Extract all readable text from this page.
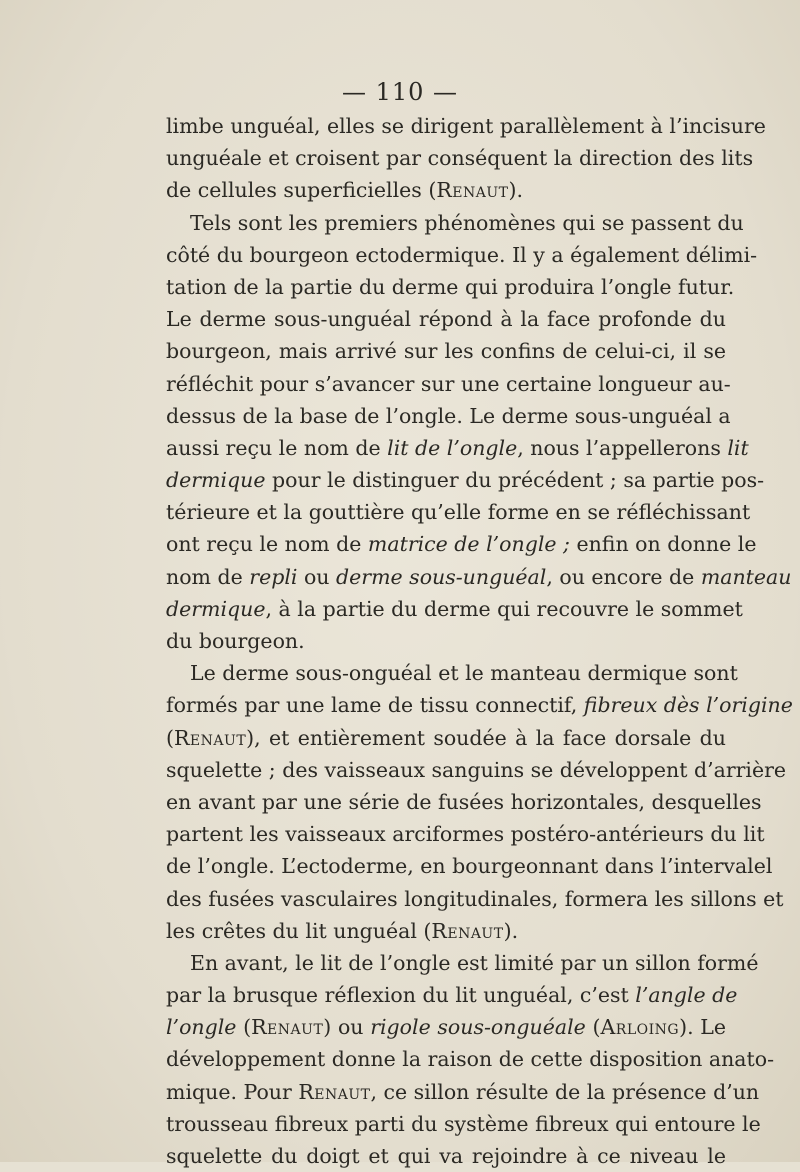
— 110 —
limbe unguéal, elles se dirigent parallèlement à l’incisure
unguéale et croisent par conséquent la direction des lits
de cellules superficielles (Renaut).
Tels sont les premiers phénomènes qui se passent du
côté du bourgeon ectodermique. Il y a également délimi-
tation de la partie du derme qui produira l’ongle futur.
Le derme sous-unguéal répond à la face profonde du
bourgeon, mais arrivé sur les confins de celui-ci, il se
réfléchit pour s’avancer sur une certaine longueur au-
dessus de la base de l’ongle. Le derme sous-unguéal a
aussi reçu le nom de lit de l’ongle, nous l’appellerons lit
dermique pour le distinguer du précédent ; sa partie pos-
térieure et la gouttière qu’elle forme en se réfléchissant
ont reçu le nom de matrice de l’ongle ; enfin on donne le
nom de repli ou derme sous-unguéal, ou encore de manteau
dermique, à la partie du derme qui recouvre le sommet
du bourgeon.
Le derme sous-onguéal et le manteau dermique sont
formés par une lame de tissu connectif, fibreux dès l’origine
(Renaut), et entièrement soudée à la face dorsale du
squelette ; des vaisseaux sanguins se développent d’arrière
en avant par une série de fusées horizontales, desquelles
partent les vaisseaux arciformes postéro-antérieurs du lit
de l’ongle. L’ectoderme, en bourgeonnant dans l’intervalel
des fusées vasculaires longitudinales, formera les sillons et
les crêtes du lit unguéal (Renaut).
En avant, le lit de l’ongle est limité par un sillon formé
par la brusque réflexion du lit unguéal, c’est l’angle de
l’ongle (Renaut) ou rigole sous-onguéale (Arloing). Le
développement donne la raison de cette disposition anato-
mique. Pour Renaut, ce sillon résulte de la présence d’un
trousseau fibreux parti du système fibreux qui entoure le
squelette du doigt et qui va rejoindre à ce niveau le
